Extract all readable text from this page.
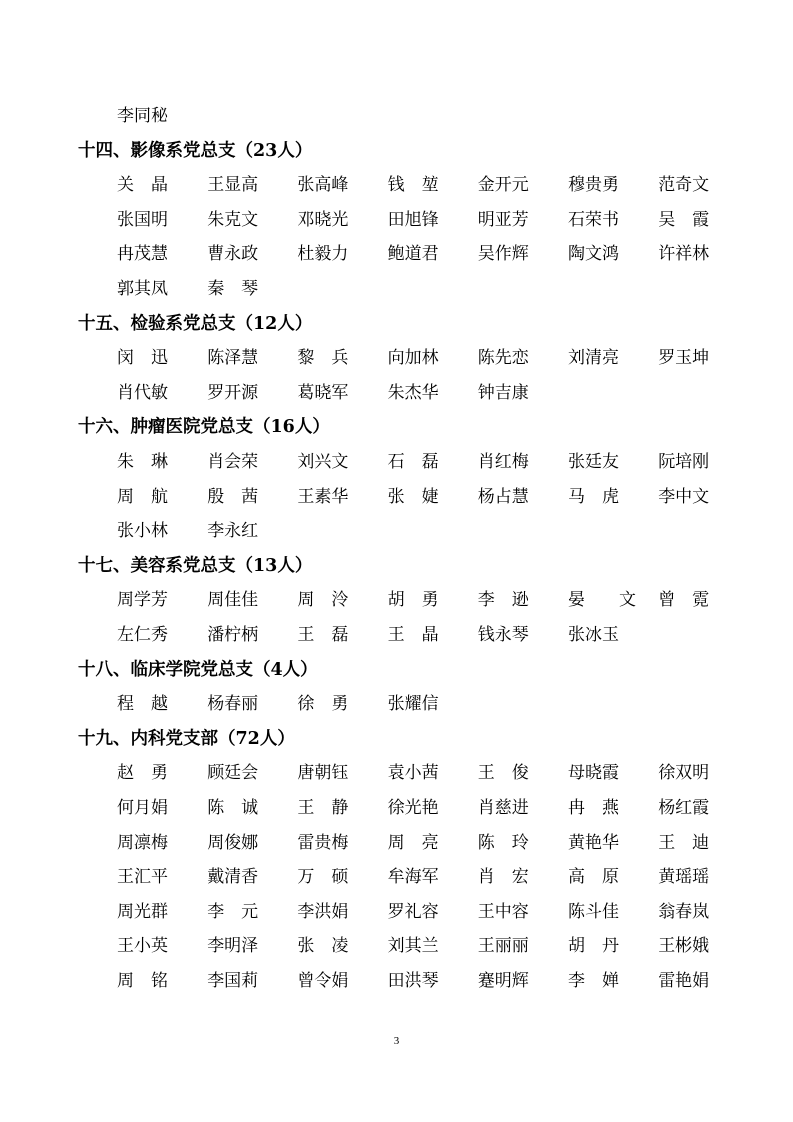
3
李同秘
十四、影像系党总支（23人）
关　晶	王显高	张高峰	钱　堃	金开元	穆贵勇	范奇文
张国明	朱克文	邓晓光	田旭锋	明亚芳	石荣书	吴　霞
冉茂慧	曹永政	杜毅力	鲍道君	吴作辉	陶文鸿	许祥林
郭其凤	秦　琴
十五、检验系党总支（12人）
闵　迅	陈泽慧	黎　兵	向加林	陈先恋	刘清亮	罗玉坤
肖代敏	罗开源	葛晓军	朱杰华	钟吉康
十六、肿瘤医院党总支（16人）
朱　琳	肖会荣	刘兴文	石　磊	肖红梅	张廷友	阮培刚
周　航	殷　茜	王素华	张　婕	杨占慧	马　虎	李中文
张小林	李永红
十七、美容系党总支（13人）
周学芳	周佳佳	周　泠	胡　勇	李　逊	晏　　文	曾　霓
左仁秀	潘柠柄	王　磊	王　晶	钱永琴	张冰玉
十八、临床学院党总支（4人）
程　越	杨春丽	徐　勇	张耀信
十九、内科党支部（72人）
赵　勇	顾廷会	唐朝钰	袁小茜	王　俊	母晓霞	徐双明
何月娟	陈　诚	王　静	徐光艳	肖慈进	冉　燕	杨红霞
周凛梅	周俊娜	雷贵梅	周　亮	陈　玲	黄艳华	王　迪
王汇平	戴清香	万　硕	牟海军	肖　宏	高　原	黄瑶瑶
周光群	李　元	李洪娟	罗礼容	王中容	陈斗佳	翁春岚
王小英	李明泽	张　凌	刘其兰	王丽丽	胡　丹	王彬娥
周　铭	李国莉	曾令娟	田洪琴	蹇明辉	李　婵	雷艳娟
